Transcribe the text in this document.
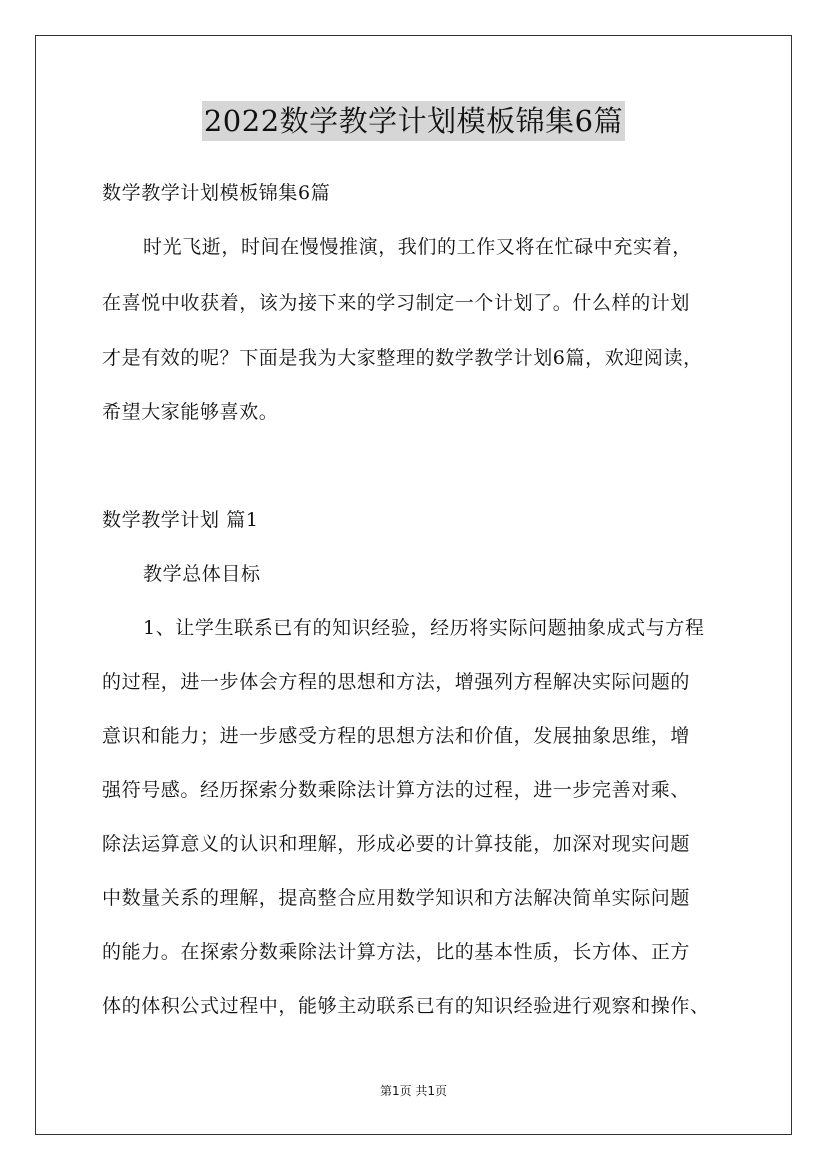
2022数学教学计划模板锦集6篇
数学教学计划模板锦集6篇
时光飞逝，时间在慢慢推演，我们的工作又将在忙碌中充实着，
在喜悦中收获着，该为接下来的学习制定一个计划了。什么样的计划
才是有效的呢？下面是我为大家整理的数学教学计划6篇，欢迎阅读，
希望大家能够喜欢。
数学教学计划 篇1
教学总体目标
1、让学生联系已有的知识经验，经历将实际问题抽象成式与方程
的过程，进一步体会方程的思想和方法，增强列方程解决实际问题的
意识和能力；进一步感受方程的思想方法和价值，发展抽象思维，增
强符号感。经历探索分数乘除法计算方法的过程，进一步完善对乘、
除法运算意义的认识和理解，形成必要的计算技能，加深对现实问题
中数量关系的理解，提高整合应用数学知识和方法解决简单实际问题
的能力。在探索分数乘除法计算方法，比的基本性质，长方体、正方
体的体积公式过程中，能够主动联系已有的知识经验进行观察和操作、
第1页 共1页
